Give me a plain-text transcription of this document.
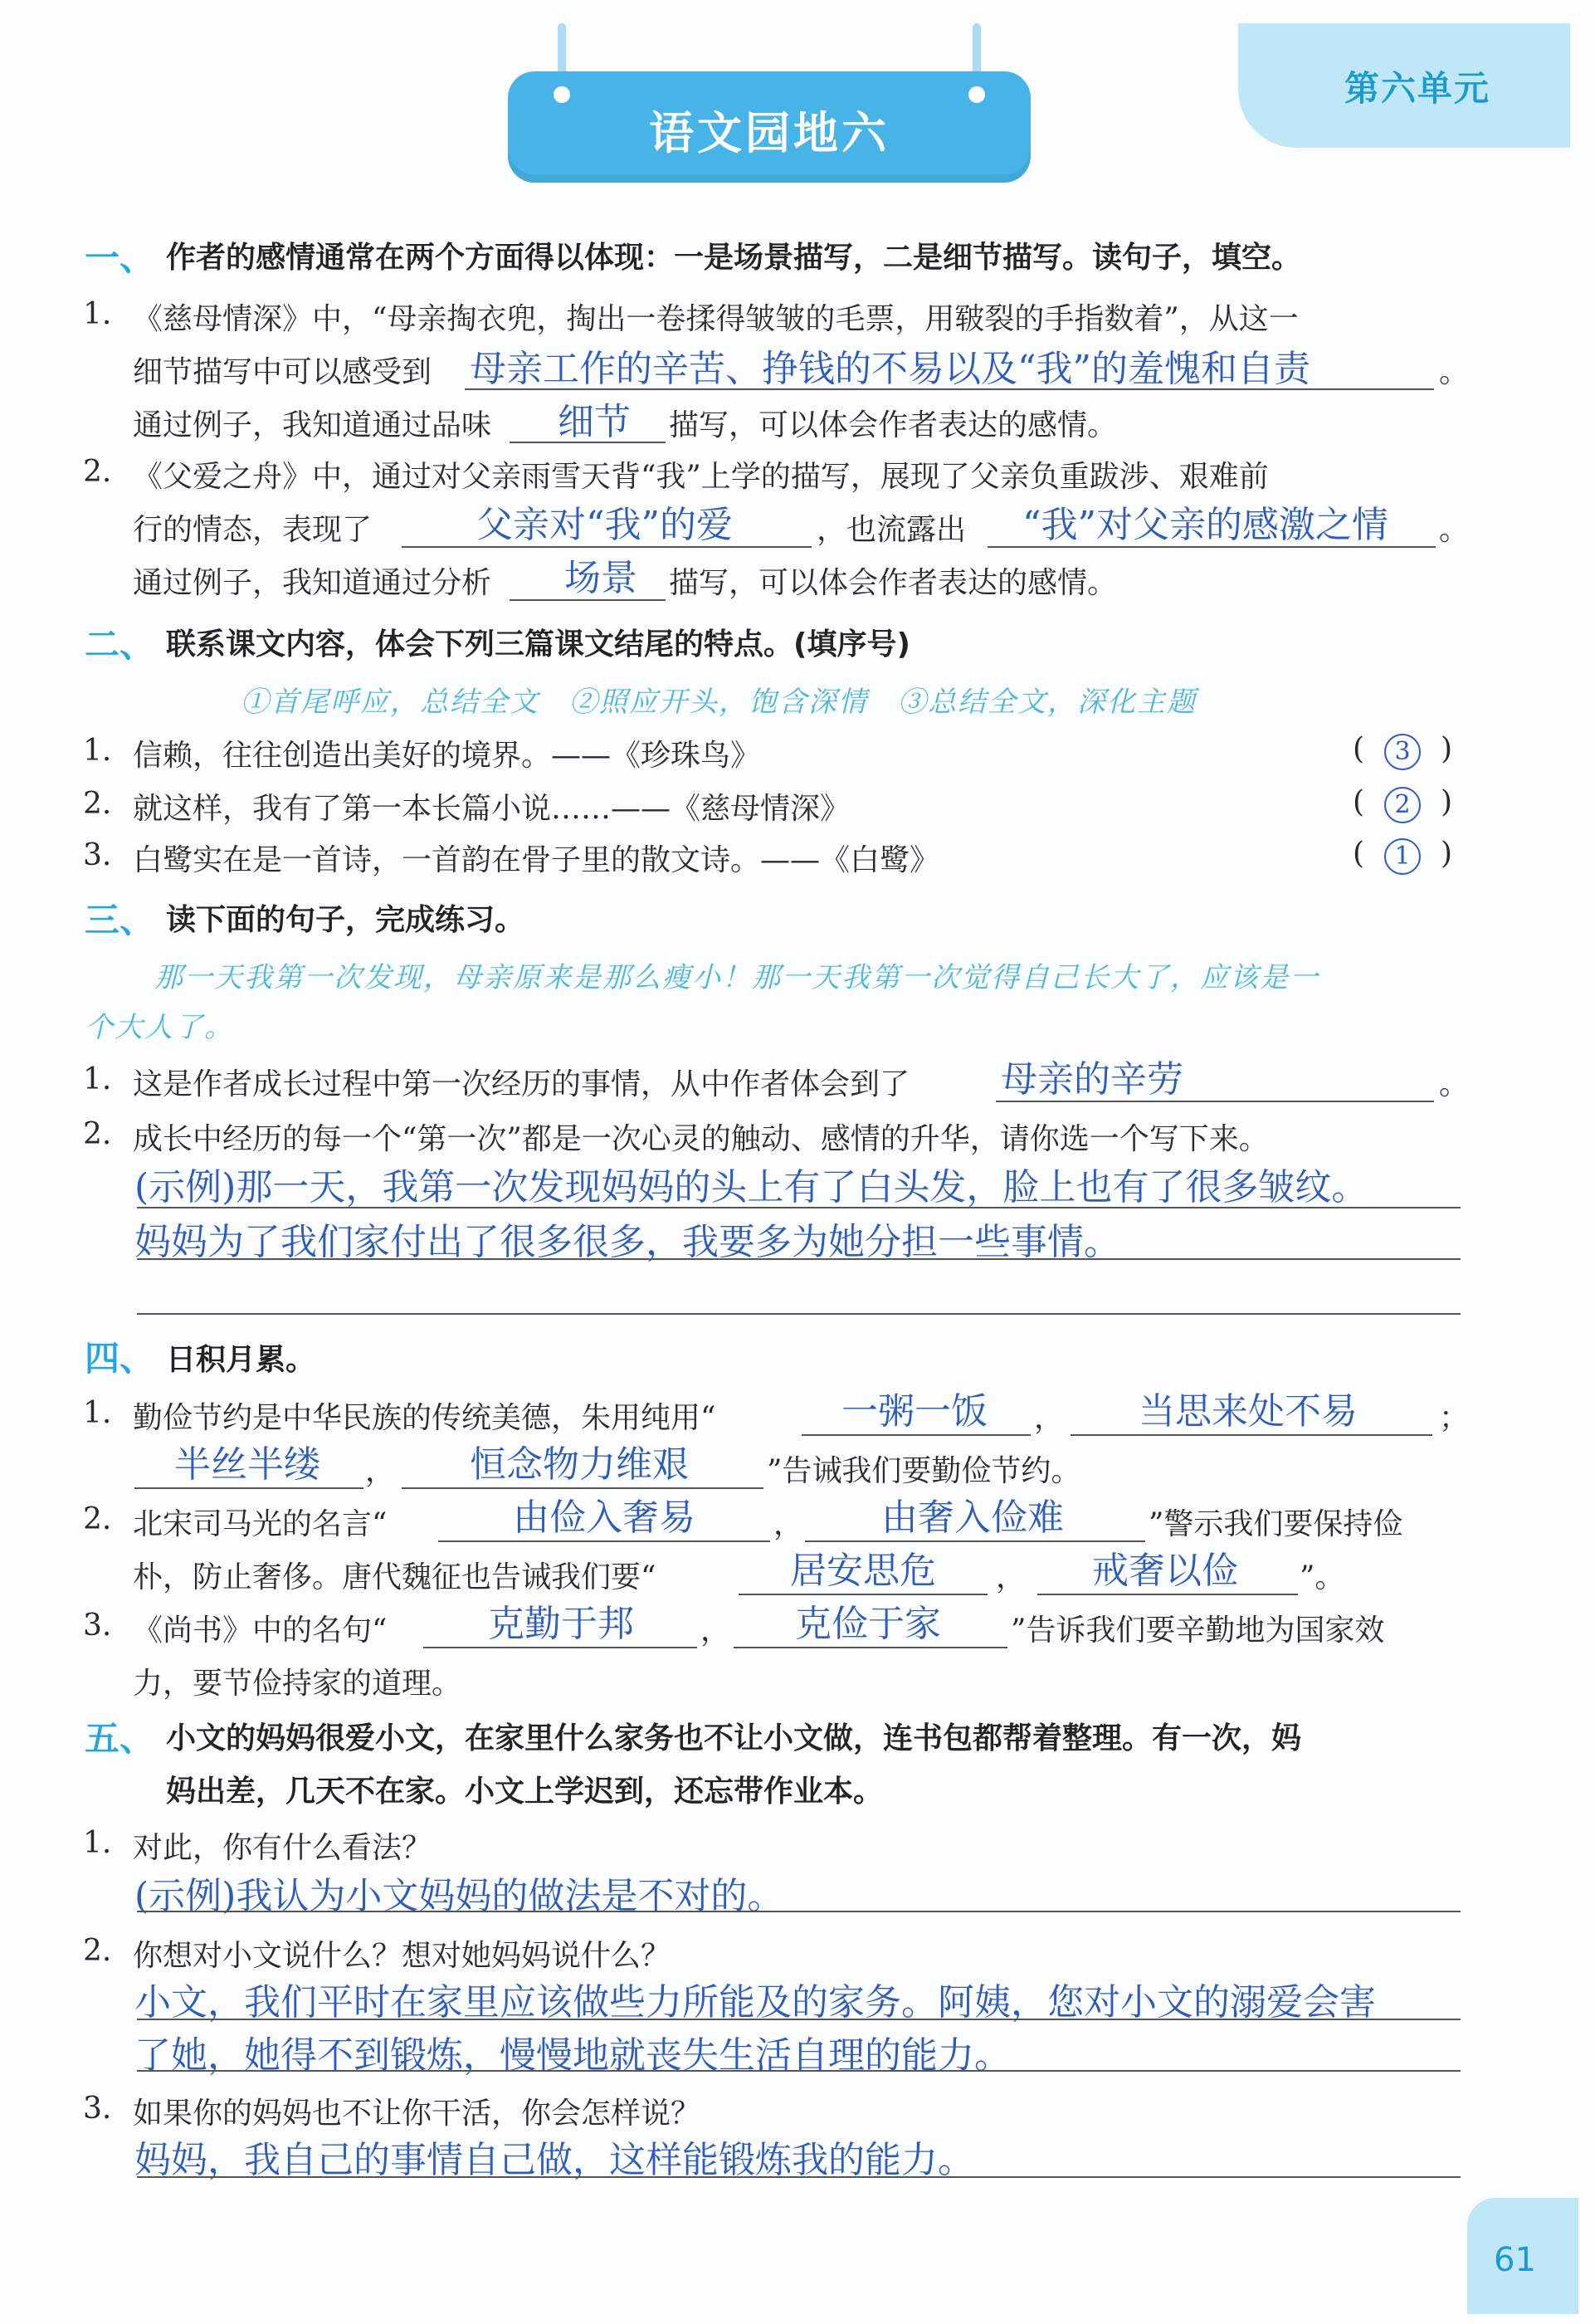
第六单元
语文园地六
一、 作者的感情通常在两个方面得以体现：一是场景描写，二是细节描写。读句子，填空。
1. 《慈母情深》中，“母亲掏衣兜，掏出一卷揉得皱皱的毛票，用皲裂的手指数着”，从这一
细节描写中可以感受到 母亲工作的辛苦、挣钱的不易以及“我”的羞愧和自责	。
通过例子，我知道通过品味 细节 描写，可以体会作者表达的感情。
2. 《父爱之舟》中，通过对父亲雨雪天背“我”上学的描写，展现了父亲负重跋涉、艰难前
行的情态，表现了	父亲对“我”的爱	，也流露出 “我”对父亲的感激之情 。
通过例子，我知道通过分析 场景 描写，可以体会作者表达的感情。
二、 联系课文内容，体会下列三篇课文结尾的特点。(填序号)
①首尾呼应，总结全文　②照应开头，饱含深情　③总结全文，深化主题
1. 信赖，往往创造出美好的境界。——《珍珠鸟》	(	3	)
2. 就这样，我有了第一本长篇小说……——《慈母情深》	(	2	)
3. 白鹭实在是一首诗，一首韵在骨子里的散文诗。——《白鹭》	(	1	)
三、 读下面的句子，完成练习。
那一天我第一次发现，母亲原来是那么瘦小！那一天我第一次觉得自己长大了，应该是一
个大人了。
1. 这是作者成长过程中第一次经历的事情，从中作者体会到了 母亲的辛劳	。
2. 成长中经历的每一个“第一次”都是一次心灵的触动、感情的升华，请你选一个写下来。
(示例)那一天，我第一次发现妈妈的头上有了白头发，脸上也有了很多皱纹。
妈妈为了我们家付出了很多很多，我要多为她分担一些事情。
四、 日积月累。
1. 勤俭节约是中华民族的传统美德，朱用纯用“	一粥一饭 ， 当思来处不易	；
半丝半缕 ， 恒念物力维艰	”告诫我们要勤俭节约。
2. 北宋司马光的名言“	由俭入奢易	， 由奢入俭难	”警示我们要保持俭
朴，防止奢侈。唐代魏征也告诫我们要“	居安思危 ， 戒奢以俭 ”。
3. 《尚书》中的名句“	克勤于邦 ， 克俭于家 ”告诉我们要辛勤地为国家效
力，要节俭持家的道理。
五、 小文的妈妈很爱小文，在家里什么家务也不让小文做，连书包都帮着整理。有一次，妈
妈出差，几天不在家。小文上学迟到，还忘带作业本。
1. 对此，你有什么看法？
(示例)我认为小文妈妈的做法是不对的。
2. 你想对小文说什么？想对她妈妈说什么？
小文，我们平时在家里应该做些力所能及的家务。阿姨，您对小文的溺爱会害
了她，她得不到锻炼，慢慢地就丧失生活自理的能力。
3. 如果你的妈妈也不让你干活，你会怎样说？
妈妈，我自己的事情自己做，这样能锻炼我的能力。
61
